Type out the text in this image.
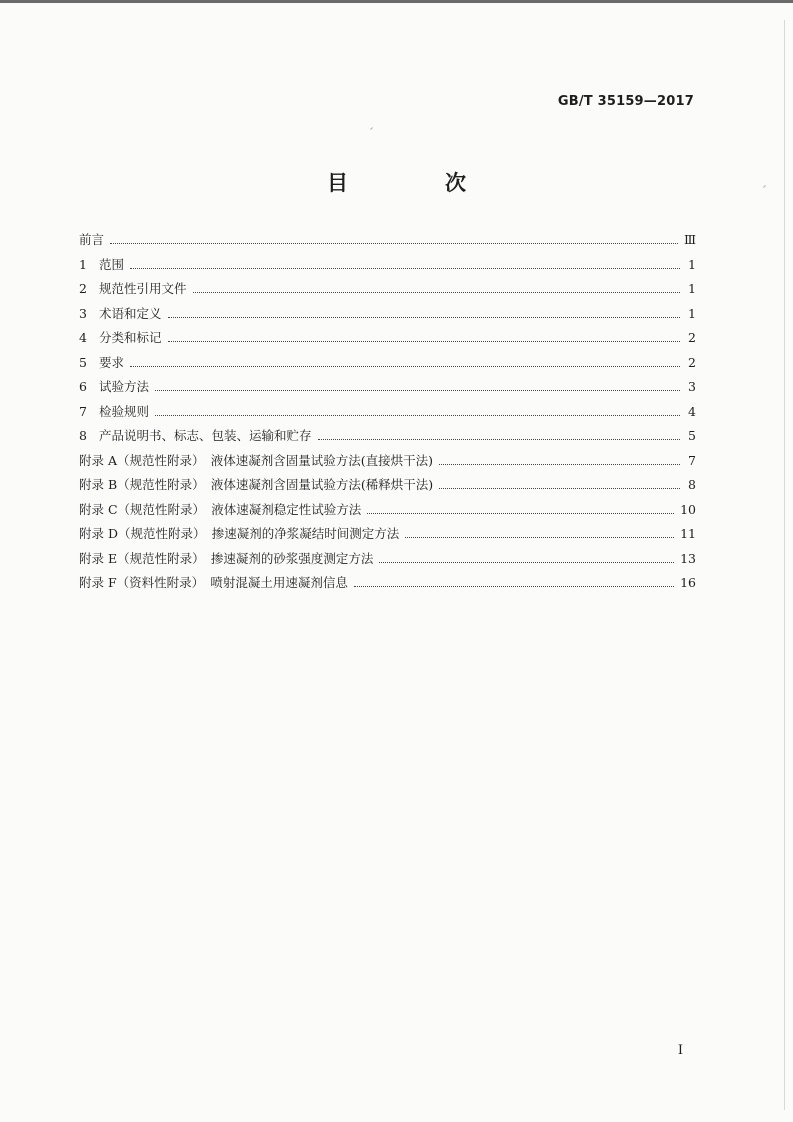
GB/T 35159—2017
目　次
前言	Ⅲ
1 范围	1
2 规范性引用文件	1
3 术语和定义	1
4 分类和标记	2
5 要求	2
6 试验方法	3
7 检验规则	4
8 产品说明书、标志、包装、运输和贮存	5
附录 A（规范性附录）　液体速凝剂含固量试验方法(直接烘干法)	7
附录 B（规范性附录）　液体速凝剂含固量试验方法(稀释烘干法)	8
附录 C（规范性附录）　液体速凝剂稳定性试验方法	10
附录 D（规范性附录）　掺速凝剂的净浆凝结时间测定方法	11
附录 E（规范性附录）　掺速凝剂的砂浆强度测定方法	13
附录 F（资料性附录）　喷射混凝土用速凝剂信息	16
I
